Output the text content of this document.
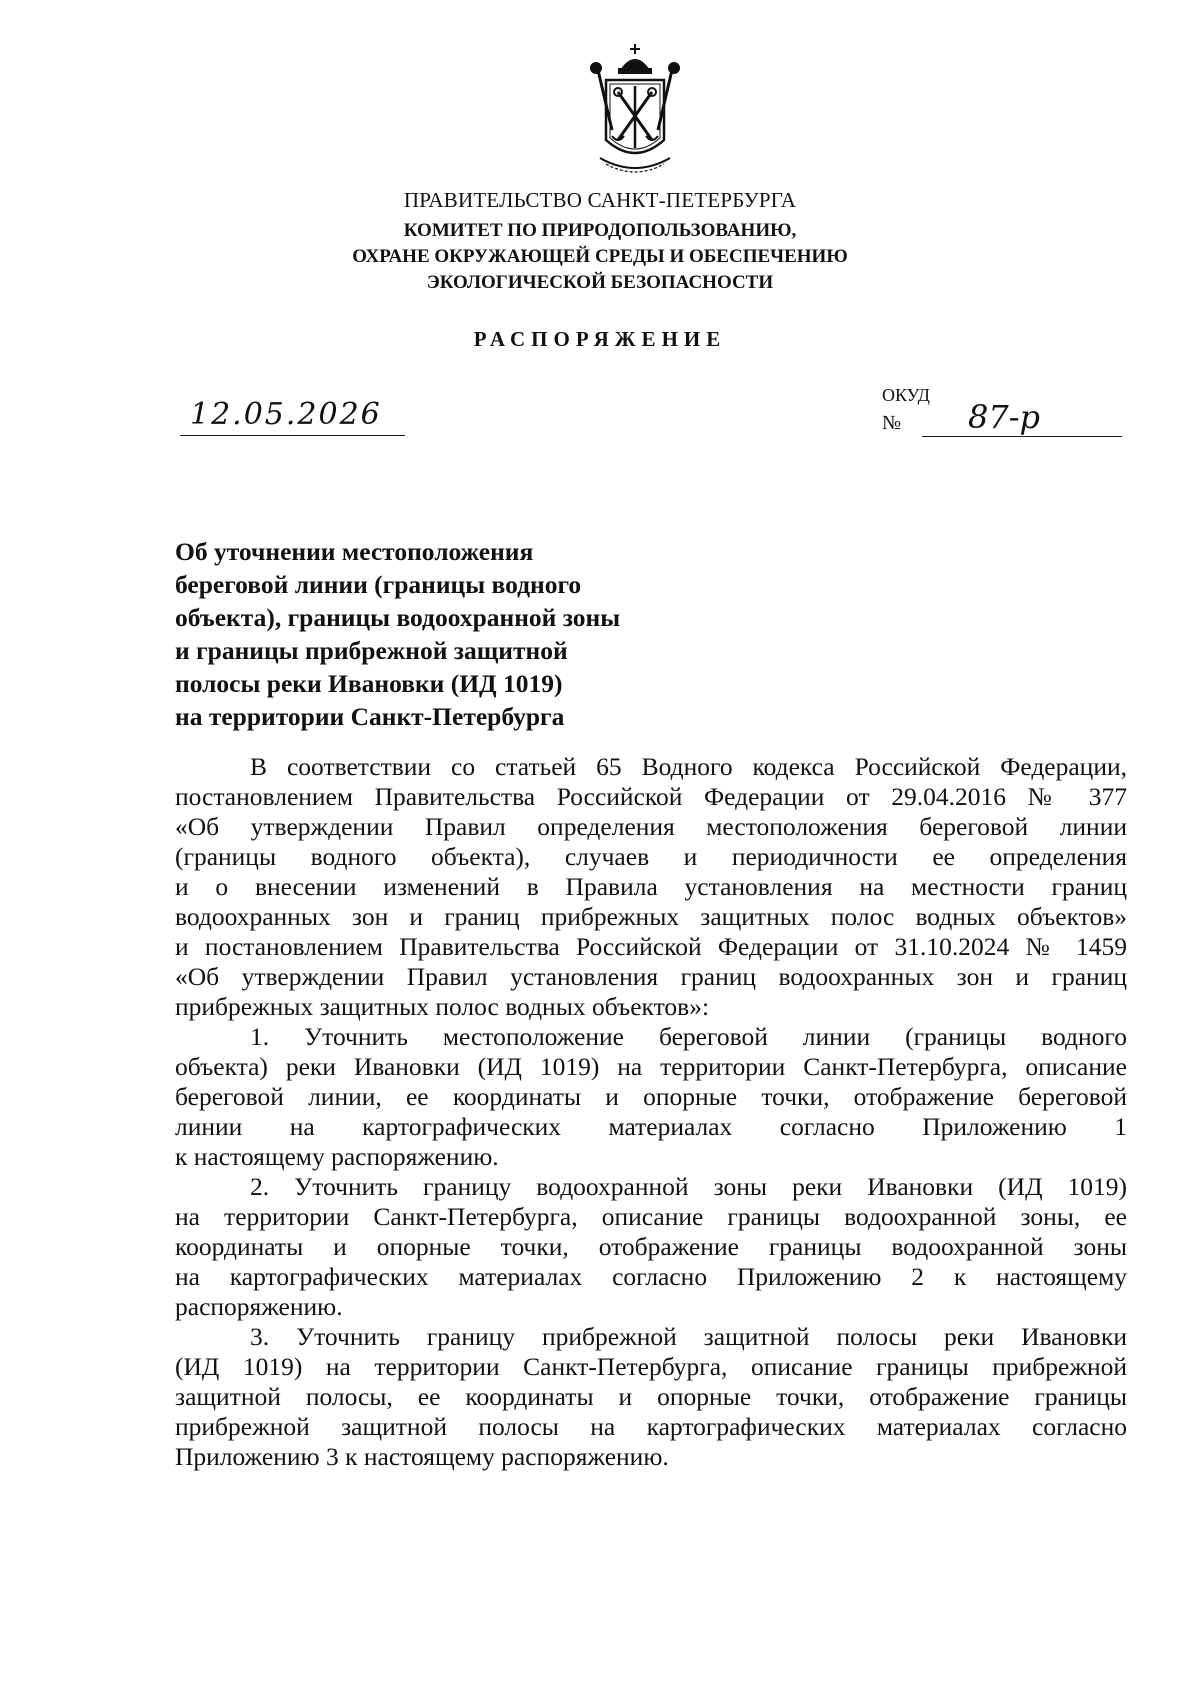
ПРАВИТЕЛЬСТВО САНКТ-ПЕТЕРБУРГА
КОМИТЕТ ПО ПРИРОДОПОЛЬЗОВАНИЮ,
ОХРАНЕ ОКРУЖАЮЩЕЙ СРЕДЫ И ОБЕСПЕЧЕНИЮ
ЭКОЛОГИЧЕСКОЙ БЕЗОПАСНОСТИ
РАСПОРЯЖЕНИЕ
12.05.2026
ОКУД
№ 87-р
Об уточнении местоположения
береговой линии (границы водного
объекта), границы водоохранной зоны
и границы прибрежной защитной
полосы реки Ивановки (ИД 1019)
на территории Санкт-Петербурга
В соответствии со статьей 65 Водного кодекса Российской Федерации,
постановлением Правительства Российской Федерации от 29.04.2016 № 377
«Об утверждении Правил определения местоположения береговой линии
(границы водного объекта), случаев и периодичности ее определения
и о внесении изменений в Правила установления на местности границ
водоохранных зон и границ прибрежных защитных полос водных объектов»
и постановлением Правительства Российской Федерации от 31.10.2024 № 1459
«Об утверждении Правил установления границ водоохранных зон и границ
прибрежных защитных полос водных объектов»:
1. Уточнить местоположение береговой линии (границы водного
объекта) реки Ивановки (ИД 1019) на территории Санкт-Петербурга, описание
береговой линии, ее координаты и опорные точки, отображение береговой
линии на картографических материалах согласно Приложению 1
к настоящему распоряжению.
2. Уточнить границу водоохранной зоны реки Ивановки (ИД 1019)
на территории Санкт-Петербурга, описание границы водоохранной зоны, ее
координаты и опорные точки, отображение границы водоохранной зоны
на картографических материалах согласно Приложению 2 к настоящему
распоряжению.
3. Уточнить границу прибрежной защитной полосы реки Ивановки
(ИД 1019) на территории Санкт-Петербурга, описание границы прибрежной
защитной полосы, ее координаты и опорные точки, отображение границы
прибрежной защитной полосы на картографических материалах согласно
Приложению 3 к настоящему распоряжению.
